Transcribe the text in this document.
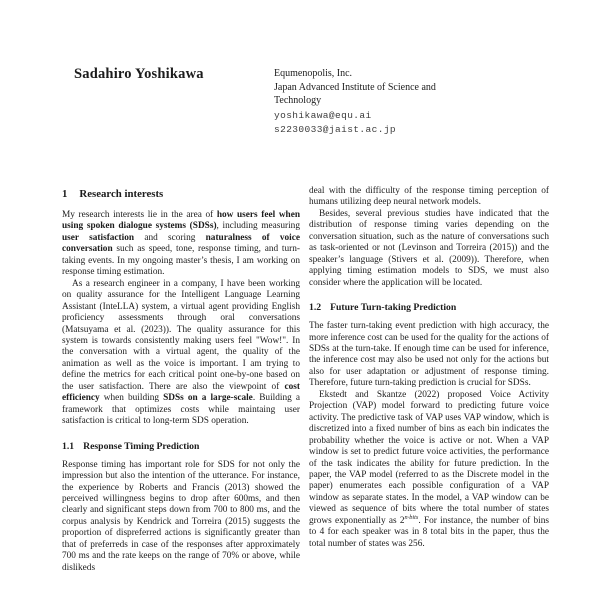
Sadahiro Yoshikawa	Equmenopolis, Inc.
Japan Advanced Institute of Science and Technology
yoshikawa@equ.ai
s2230033@jaist.ac.jp
1 Research interests

My research interests lie in the area of how users feel when using spoken dialogue systems (SDSs), including measuring user satisfaction and scoring naturalness of voice conversation such as speed, tone, response timing, and turn-taking events. In my ongoing master’s thesis, I am working on response timing estimation.

As a research engineer in a company, I have been working on quality assurance for the Intelligent Language Learning Assistant (InteLLA) system, a virtual agent providing English proficiency assessments through oral conversations (Matsuyama et al. (2023)). The quality assurance for this system is towards consistently making users feel "Wow!". In the conversation with a virtual agent, the quality of the animation as well as the voice is important. I am trying to define the metrics for each critical point one-by-one based on the user satisfaction. There are also the viewpoint of cost efficiency when building SDSs on a large-scale. Building a framework that optimizes costs while maintaing user satisfaction is critical to long-term SDS operation.

1.1 Response Timing Prediction

Response timing has important role for SDS for not only the impression but also the intention of the utterance. For instance, the experience by Roberts and Francis (2013) showed the perceived willingness begins to drop after 600ms, and then clearly and significant steps down from 700 to 800 ms, and the corpus analysis by Kendrick and Torreira (2015) suggests the proportion of dispreferred actions is significantly greater than that of preferreds in case of the responses after approximately 700 ms and the rate keeps on the range of 70% or above, while dislikeds

deal with the difficulty of the response timing perception of humans utilizing deep neural network models.

Besides, several previous studies have indicated that the distribution of response timing varies depending on the conversation situation, such as the nature of conversations such as task-oriented or not (Levinson and Torreira (2015)) and the speaker’s language (Stivers et al. (2009)). Therefore, when applying timing estimation models to SDS, we must also consider where the application will be located.

1.2 Future Turn-taking Prediction

The faster turn-taking event prediction with high accuracy, the more inference cost can be used for the quality for the actions of SDSs at the turn-take. If enough time can be used for inference, the inference cost may also be used not only for the actions but also for user adaptation or adjustment of response timing. Therefore, future turn-taking prediction is crucial for SDSs.

Ekstedt and Skantze (2022) proposed Voice Activity Projection (VAP) model forward to predicting future voice activity. The predictive task of VAP uses VAP window, which is discretized into a fixed number of bins as each bin indicates the probability whether the voice is active or not. When a VAP window is set to predict future voice activities, the performance of the task indicates the ability for future prediction. In the paper, the VAP model (referred to as the Discrete model in the paper) enumerates each possible configuration of a VAP window as separate states. In the model, a VAP window can be viewed as sequence of bits where the total number of states grows exponentially as $2^{n\cdot bits}$. For instance, the number of bins to 4 for each speaker was in 8 total bits in the paper, thus the total number of states was 256.
